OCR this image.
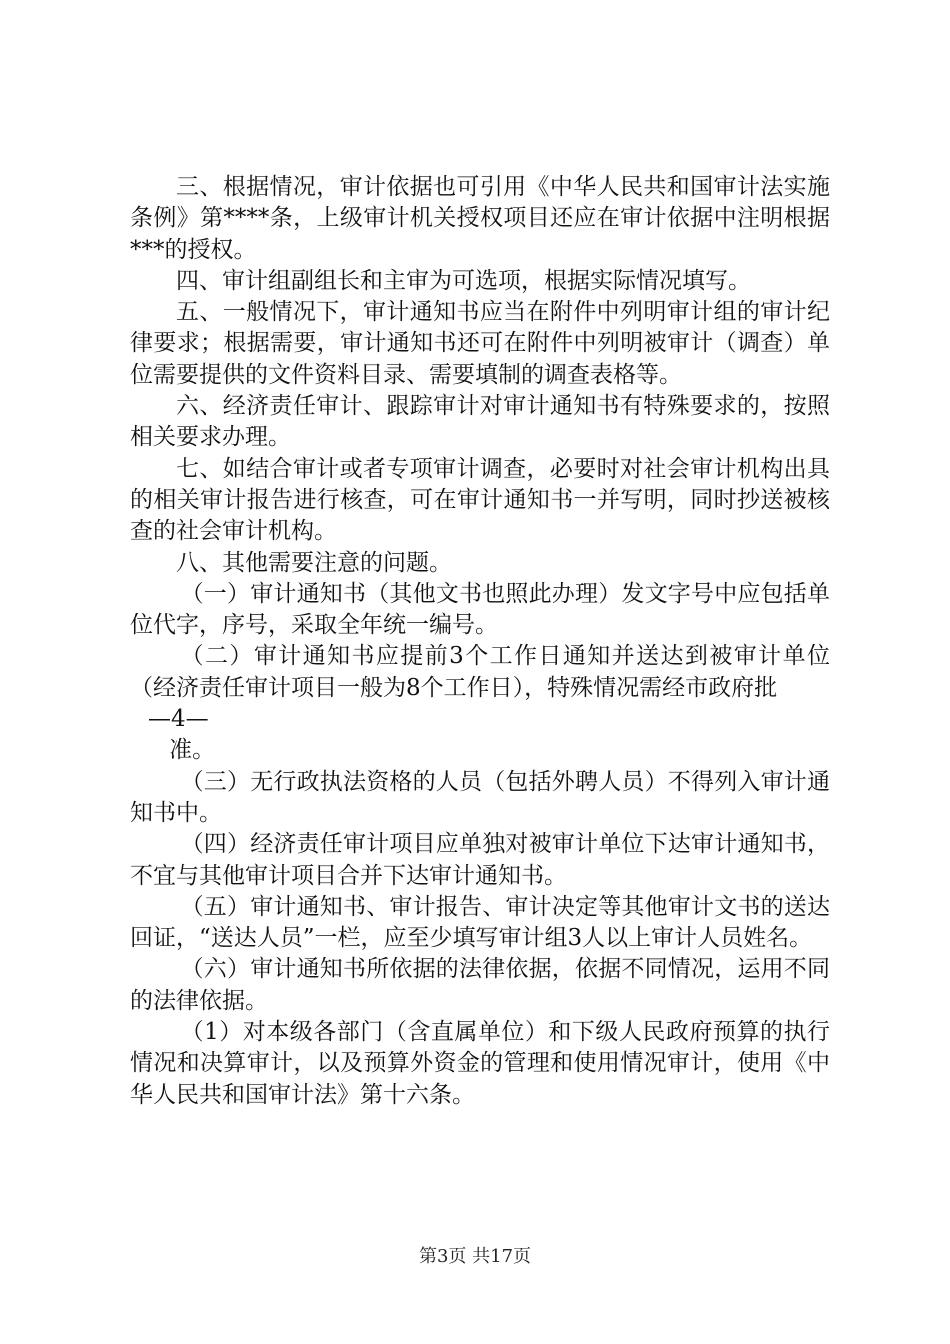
三、根据情况，审计依据也可引用《中华人民共和国审计法实施条例》第****条，上级审计机关授权项目还应在审计依据中注明根据***的授权。

四、审计组副组长和主审为可选项，根据实际情况填写。

五、一般情况下，审计通知书应当在附件中列明审计组的审计纪律要求；根据需要，审计通知书还可在附件中列明被审计（调查）单位需要提供的文件资料目录、需要填制的调查表格等。

六、经济责任审计、跟踪审计对审计通知书有特殊要求的，按照相关要求办理。

七、如结合审计或者专项审计调查，必要时对社会审计机构出具的相关审计报告进行核查，可在审计通知书一并写明，同时抄送被核查的社会审计机构。

八、其他需要注意的问题。

（一）审计通知书（其他文书也照此办理）发文字号中应包括单位代字，序号，采取全年统一编号。

（二）审计通知书应提前3个工作日通知并送达到被审计单位（经济责任审计项目一般为8个工作日），特殊情况需经市政府批

—4—

准。

（三）无行政执法资格的人员（包括外聘人员）不得列入审计通知书中。

（四）经济责任审计项目应单独对被审计单位下达审计通知书，不宜与其他审计项目合并下达审计通知书。

（五）审计通知书、审计报告、审计决定等其他审计文书的送达回证，“送达人员”一栏，应至少填写审计组3人以上审计人员姓名。

（六）审计通知书所依据的法律依据，依据不同情况，运用不同的法律依据。

（1）对本级各部门（含直属单位）和下级人民政府预算的执行情况和决算审计，以及预算外资金的管理和使用情况审计，使用《中华人民共和国审计法》第十六条。

第3页 共17页
